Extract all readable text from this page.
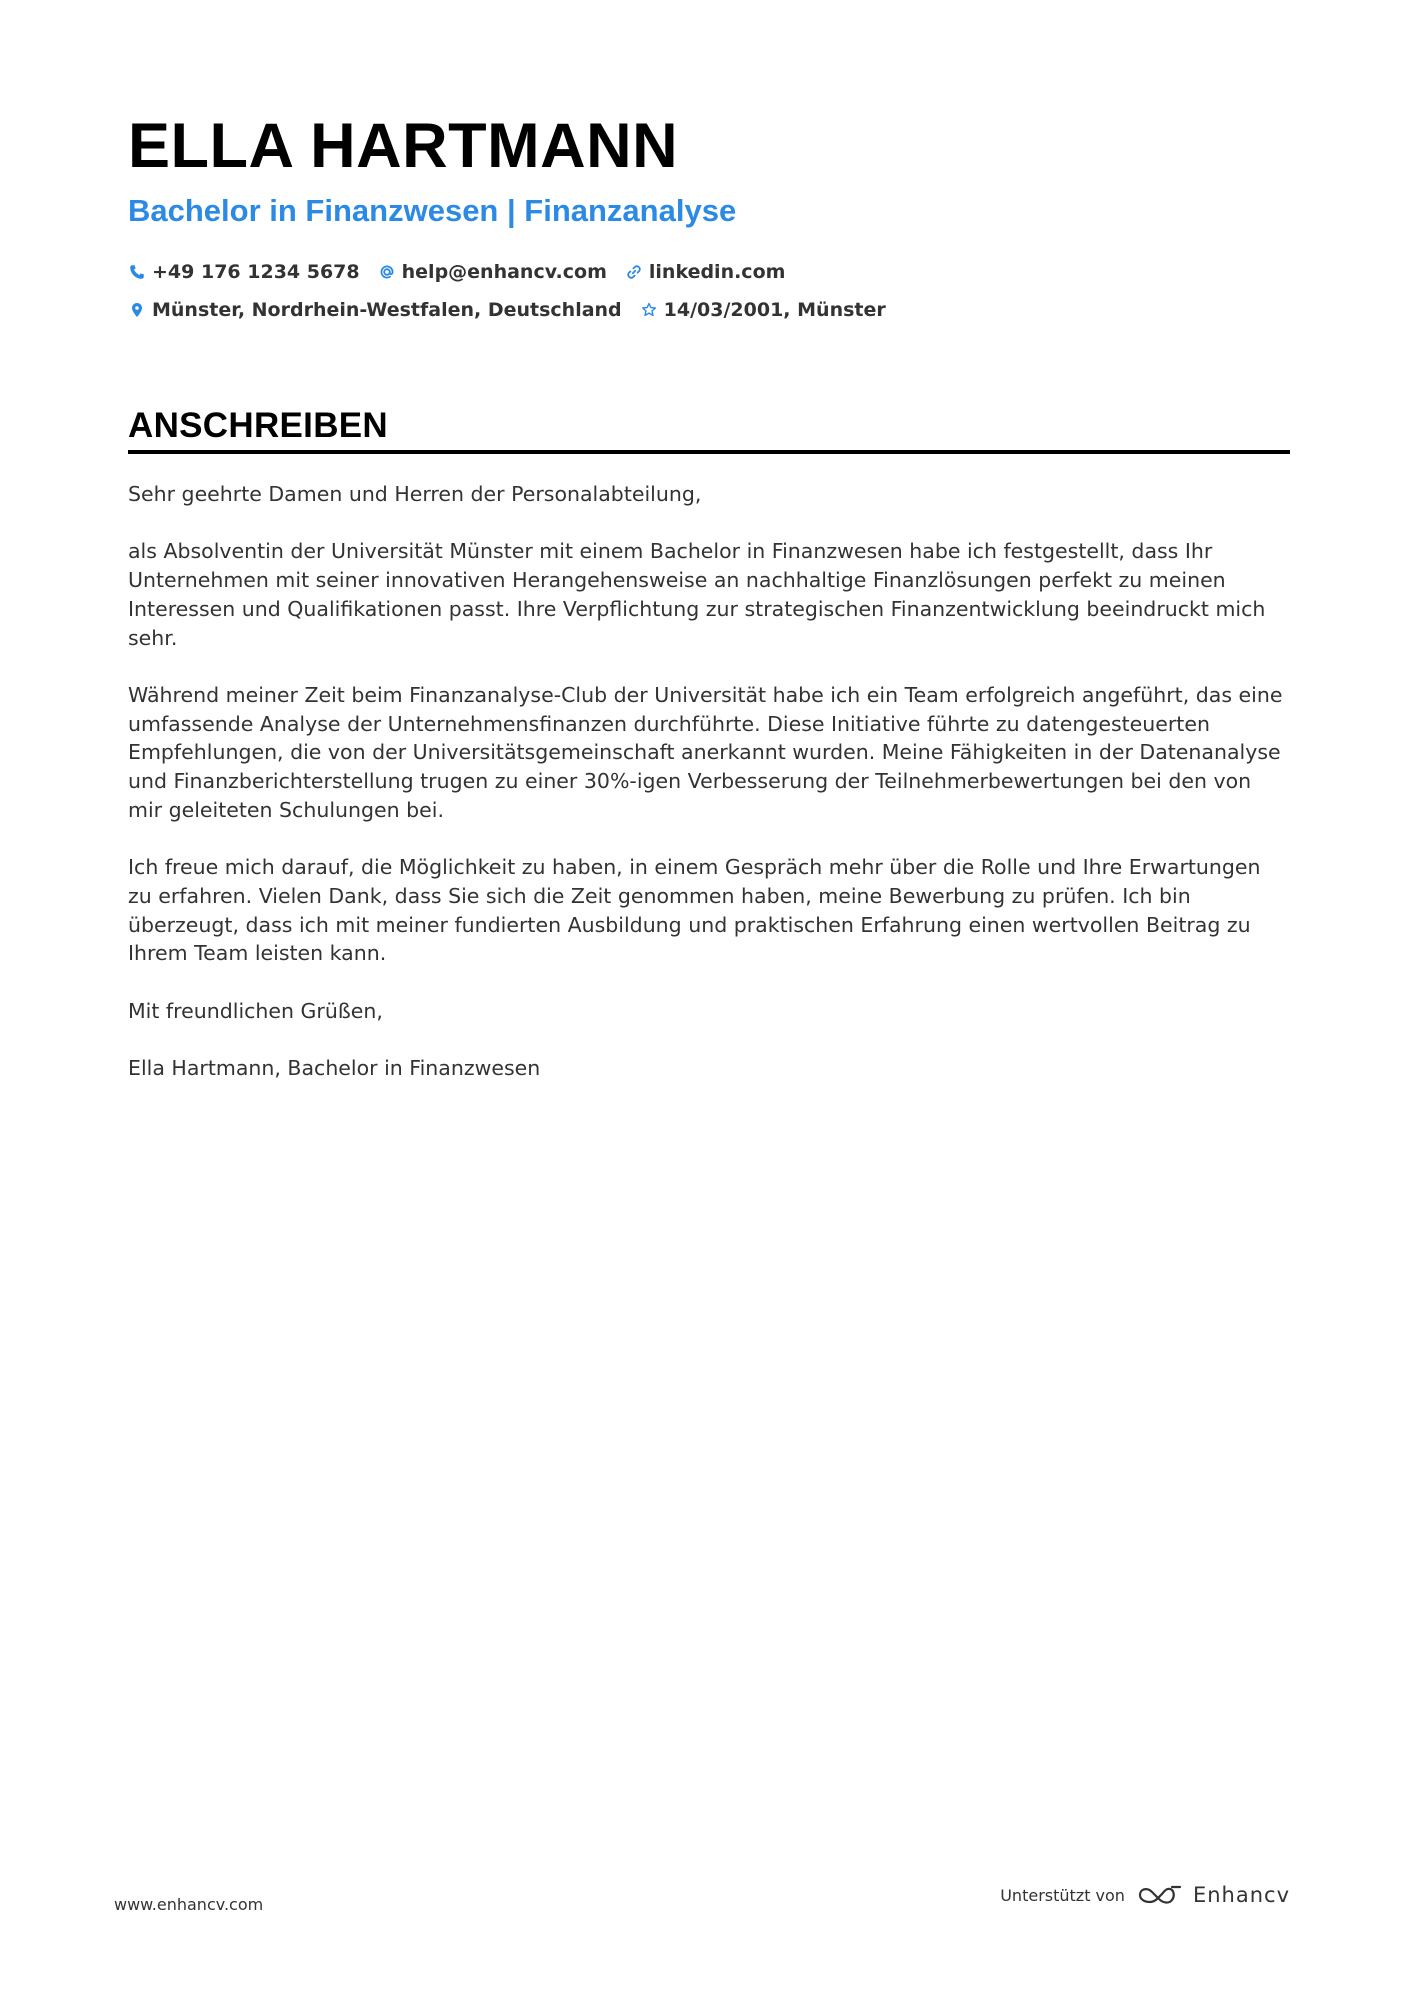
ELLA HARTMANN
Bachelor in Finanzwesen | Finanzanalyse
+49 176 1234 5678 help@enhancv.com linkedin.com
Münster, Nordrhein-Westfalen, Deutschland 14/03/2001, Münster
ANSCHREIBEN

Sehr geehrte Damen und Herren der Personalabteilung,

als Absolventin der Universität Münster mit einem Bachelor in Finanzwesen habe ich festgestellt, dass Ihr Unternehmen mit seiner innovativen Herangehensweise an nachhaltige Finanzlösungen perfekt zu meinen Interessen und Qualifikationen passt. Ihre Verpflichtung zur strategischen Finanzentwicklung beeindruckt mich sehr.

Während meiner Zeit beim Finanzanalyse-Club der Universität habe ich ein Team erfolgreich angeführt, das eine umfassende Analyse der Unternehmensfinanzen durchführte. Diese Initiative führte zu datengesteuerten Empfehlungen, die von der Universitätsgemeinschaft anerkannt wurden. Meine Fähigkeiten in der Datenanalyse und Finanzberichterstellung trugen zu einer 30%-igen Verbesserung der Teilnehmerbewertungen bei den von mir geleiteten Schulungen bei.

Ich freue mich darauf, die Möglichkeit zu haben, in einem Gespräch mehr über die Rolle und Ihre Erwartungen zu erfahren. Vielen Dank, dass Sie sich die Zeit genommen haben, meine Bewerbung zu prüfen. Ich bin überzeugt, dass ich mit meiner fundierten Ausbildung und praktischen Erfahrung einen wertvollen Beitrag zu Ihrem Team leisten kann.

Mit freundlichen Grüßen,

Ella Hartmann, Bachelor in Finanzwesen

www.enhancv.com	Unterstützt von	Enhancv
